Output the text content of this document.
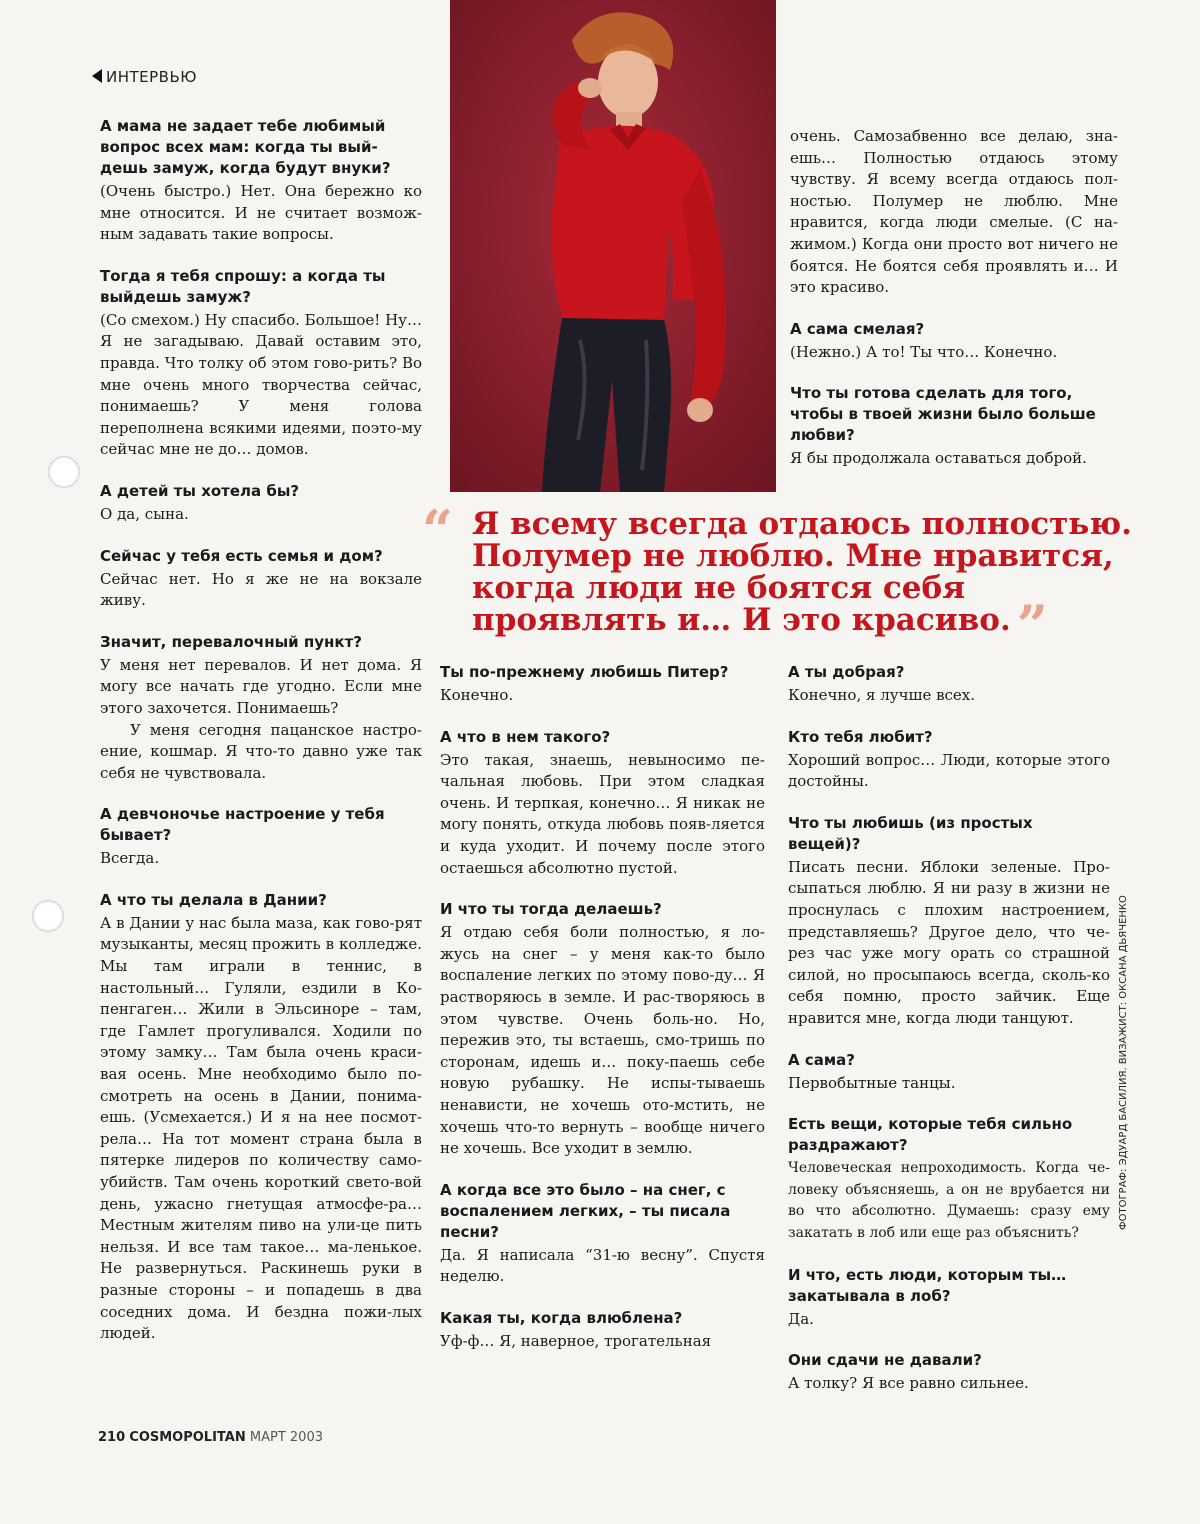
ИНТЕРВЬЮ

А мама не задает тебе любимый вопрос всех мам: когда ты вый-дешь замуж, когда будут внуки?

(Очень быстро.) Нет. Она бережно ко мне относится. И не считает возмож-ным задавать такие вопросы.

Тогда я тебя спрошу: а когда ты выйдешь замуж?

(Со смехом.) Ну спасибо. Большое! Ну… Я не загадываю. Давай оставим это, правда. Что толку об этом гово-рить? Во мне очень много творчества сейчас, понимаешь? У меня голова переполнена всякими идеями, поэто-му сейчас мне не до… домов.

А детей ты хотела бы?

О да, сына.

Сейчас у тебя есть семья и дом?

Сейчас нет. Но я же не на вокзале живу.

Значит, перевалочный пункт?

У меня нет перевалов. И нет дома. Я могу все начать где угодно. Если мне этого захочется. Понимаешь?

У меня сегодня пацанское настро-ение, кошмар. Я что-то давно уже так себя не чувствовала.

А девчоночье настроение у тебя бывает?

Всегда.

А что ты делала в Дании?

А в Дании у нас была маза, как гово-рят музыканты, месяц прожить в колледже. Мы там играли в теннис, в настольный… Гуляли, ездили в Ко-пенгаген… Жили в Эльсиноре – там, где Гамлет прогуливался. Ходили по этому замку… Там была очень краси-вая осень. Мне необходимо было по-смотреть на осень в Дании, понима-ешь. (Усмехается.) И я на нее посмот-рела… На тот момент страна была в пятерке лидеров по количеству само-убийств. Там очень короткий свето-вой день, ужасно гнетущая атмосфе-ра… Местным жителям пиво на ули-це пить нельзя. И все там такое… ма-ленькое. Не развернуться. Раскинешь руки в разные стороны – и попадешь в два соседних дома. И бездна пожи-лых людей.

очень. Самозабвенно все делаю, зна-ешь… Полностью отдаюсь этому чувству. Я всему всегда отдаюсь пол-ностью. Полумер не люблю. Мне нравится, когда люди смелые. (С на-жимом.) Когда они просто вот ничего не боятся. Не боятся себя проявлять и… И это красиво.

А сама смелая?

(Нежно.) А то! Ты что… Конечно.

Что ты готова сделать для того, чтобы в твоей жизни было больше любви?

Я бы продолжала оставаться доброй.

“ Я всему всегда отдаюсь полностью.
Полумер не люблю. Мне нравится,
когда люди не боятся себя
проявлять и… И это красиво. ”

Ты по-прежнему любишь Питер?

Конечно.

А что в нем такого?

Это такая, знаешь, невыносимо пе-чальная любовь. При этом сладкая очень. И терпкая, конечно… Я никак не могу понять, откуда любовь появ-ляется и куда уходит. И почему после этого остаешься абсолютно пустой.

И что ты тогда делаешь?

Я отдаю себя боли полностью, я ло-жусь на снег – у меня как-то было воспаление легких по этому пово-ду… Я растворяюсь в земле. И рас-творяюсь в этом чувстве. Очень боль-но. Но, пережив это, ты встаешь, смо-тришь по сторонам, идешь и… поку-паешь себе новую рубашку. Не испы-тываешь ненависти, не хочешь ото-мстить, не хочешь что-то вернуть – вообще ничего не хочешь. Все уходит в землю.

А когда все это было – на снег, с воспалением легких, – ты писала песни?

Да. Я написала “31-ю весну”. Спустя неделю.

Какая ты, когда влюблена?

Уф-ф… Я, наверное, трогательная

А ты добрая?

Конечно, я лучше всех.

Кто тебя любит?

Хороший вопрос… Люди, которые этого достойны.

Что ты любишь (из простых вещей)?

Писать песни. Яблоки зеленые. Про-сыпаться люблю. Я ни разу в жизни не проснулась с плохим настроением, представляешь? Другое дело, что че-рез час уже могу орать со страшной силой, но просыпаюсь всегда, сколь-ко себя помню, просто зайчик. Еще нравится мне, когда люди танцуют.

А сама?

Первобытные танцы.

Есть вещи, которые тебя сильно раздражают?

Человеческая непроходимость. Когда че-ловеку объясняешь, а он не врубается ни во что абсолютно. Думаешь: сразу ему закатать в лоб или еще раз объяснить?

И что, есть люди, которым ты… закатывала в лоб?

Да.

Они сдачи не давали?

А толку? Я все равно сильнее.

ФОТОГРАФ: ЭДУАРД БАСИЛИЯ. ВИЗАЖИСТ: ОКСАНА ДЬЯЧЕНКО
210 COSMOPOLITAN МАРТ 2003
